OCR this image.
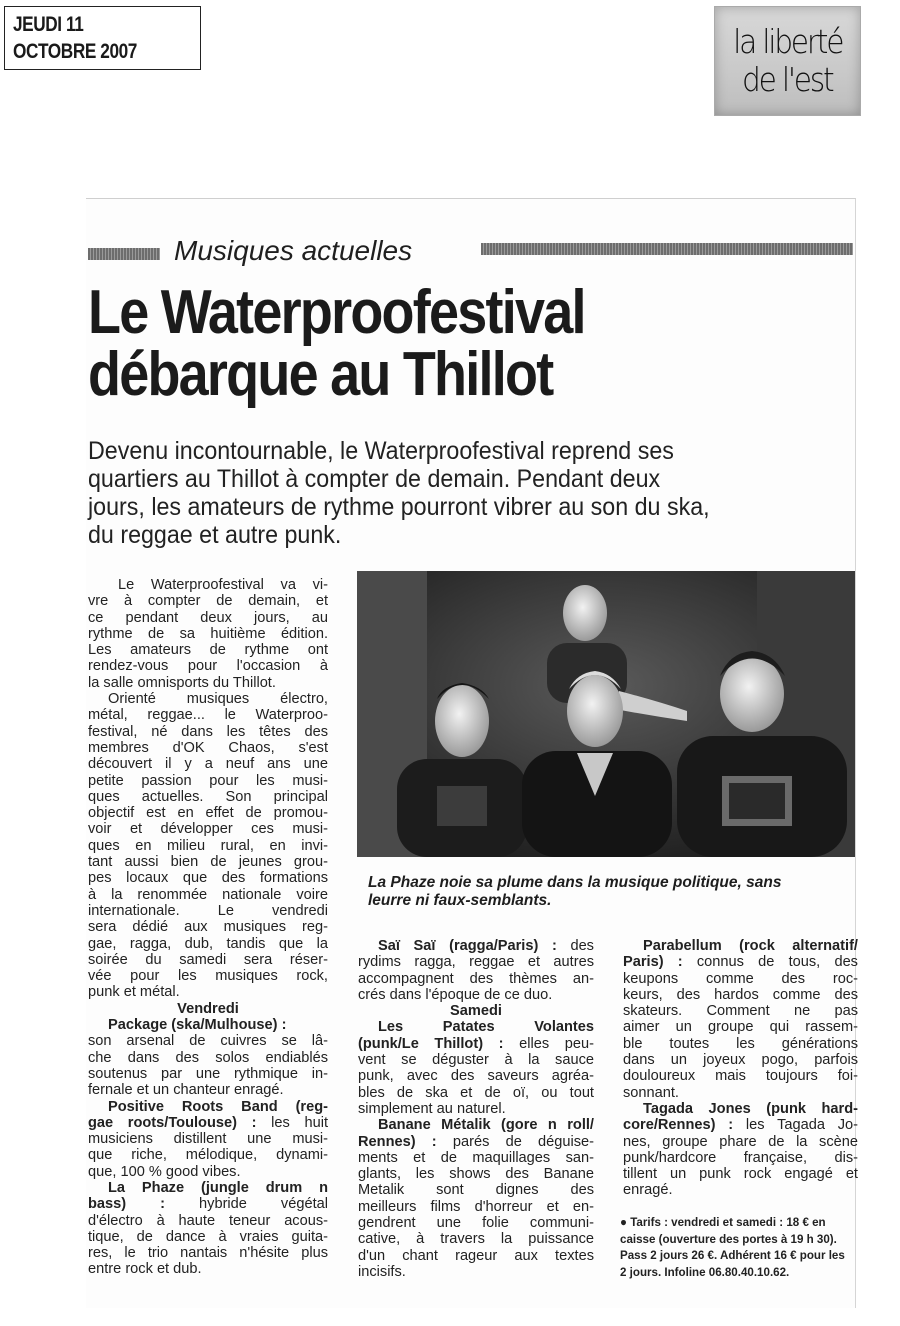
JEUDI 11
OCTOBRE 2007	la liberté
de l'est
Musiques actuelles
Le Waterproofestival
débarque au Thillot
Devenu incontournable, le Waterproofestival reprend ses
quartiers au Thillot à compter de demain. Pendant deux
jours, les amateurs de rythme pourront vibrer au son du ska,
du reggae et autre punk.
Le Waterproofestival va vi-
vre à compter de demain, et
ce pendant deux jours, au
rythme de sa huitième édition.
Les amateurs de rythme ont
rendez-vous pour l'occasion à
la salle omnisports du Thillot.
Orienté musiques électro,
métal, reggae... le Waterproo-
festival, né dans les têtes des
membres d'OK Chaos, s'est
découvert il y a neuf ans une
petite passion pour les musi-
ques actuelles. Son principal
objectif est en effet de promou-
voir et développer ces musi-
ques en milieu rural, en invi-
tant aussi bien de jeunes grou-
pes locaux que des formations
à la renommée nationale voire
internationale. Le vendredi
sera dédié aux musiques reg-
gae, ragga, dub, tandis que la
soirée du samedi sera réser-
vée pour les musiques rock,
punk et métal.
Vendredi
Package (ska/Mulhouse) :
son arsenal de cuivres se lâ-
che dans des solos endiablés
soutenus par une rythmique in-
fernale et un chanteur enragé.
Positive Roots Band (reg-
gae roots/Toulouse) : les huit
musiciens distillent une musi-
que riche, mélodique, dynami-
que, 100 % good vibes.
La Phaze (jungle drum n
bass) : hybride végétal
d'électro à haute teneur acous-
tique, de dance à vraies guita-
res, le trio nantais n'hésite plus
entre rock et dub.
La Phaze noie sa plume dans la musique politique, sans
leurre ni faux-semblants.
Saï Saï (ragga/Paris) : des
rydims ragga, reggae et autres
accompagnent des thèmes an-
crés dans l'époque de ce duo.
Samedi
Les Patates Volantes
(punk/Le Thillot) : elles peu-
vent se déguster à la sauce
punk, avec des saveurs agréa-
bles de ska et de oï, ou tout
simplement au naturel.
Banane Métalik (gore n roll/
Rennes) : parés de déguise-
ments et de maquillages san-
glants, les shows des Banane
Metalik sont dignes des
meilleurs films d'horreur et en-
gendrent une folie communi-
cative, à travers la puissance
d'un chant rageur aux textes
incisifs.
Parabellum (rock alternatif/
Paris) : connus de tous, des
keupons comme des roc-
keurs, des hardos comme des
skateurs. Comment ne pas
aimer un groupe qui rassem-
ble toutes les générations
dans un joyeux pogo, parfois
douloureux mais toujours foi-
sonnant.
Tagada Jones (punk hard-
core/Rennes) : les Tagada Jo-
nes, groupe phare de la scène
punk/hardcore française, dis-
tillent un punk rock engagé et
enragé.
● Tarifs : vendredi et samedi : 18 € en
caisse (ouverture des portes à 19 h 30).
Pass 2 jours 26 €. Adhérent 16 € pour les
2 jours. Infoline 06.80.40.10.62.
